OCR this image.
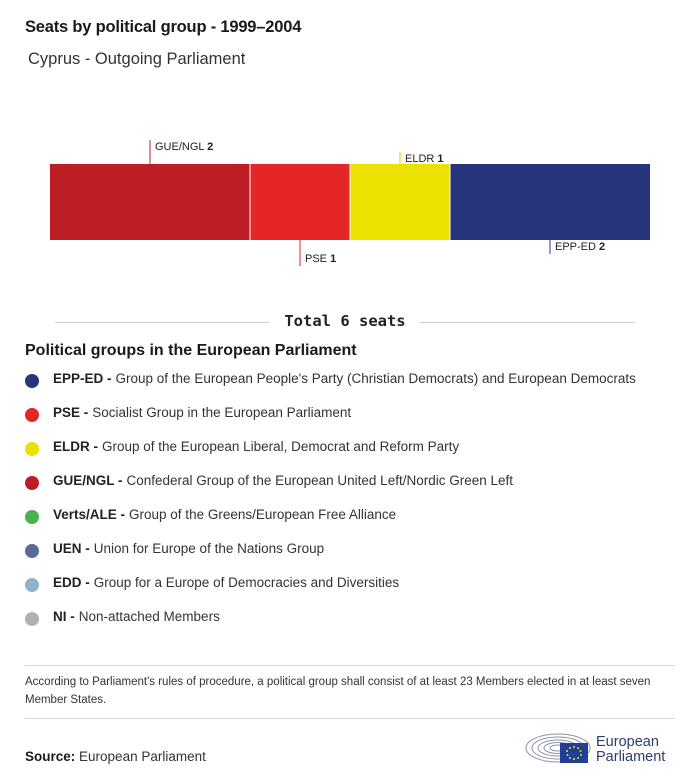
Seats by political group - 1999–2004
Cyprus - Outgoing Parliament
GUE/NGL 2
PSE 1
ELDR 1
EPP-ED 2
Total 6 seats
Political groups in the European Parliament
EPP-ED - Group of the European People's Party (Christian Democrats) and European Democrats
PSE - Socialist Group in the European Parliament
ELDR - Group of the European Liberal, Democrat and Reform Party
GUE/NGL - Confederal Group of the European United Left/Nordic Green Left
Verts/ALE - Group of the Greens/European Free Alliance
UEN - Union for Europe of the Nations Group
EDD - Group for a Europe of Democracies and Diversities
NI - Non-attached Members
According to Parliament's rules of procedure, a political group shall consist of at least 23 Members elected in at least seven Member States.
Source: European Parliament
European
Parliament
